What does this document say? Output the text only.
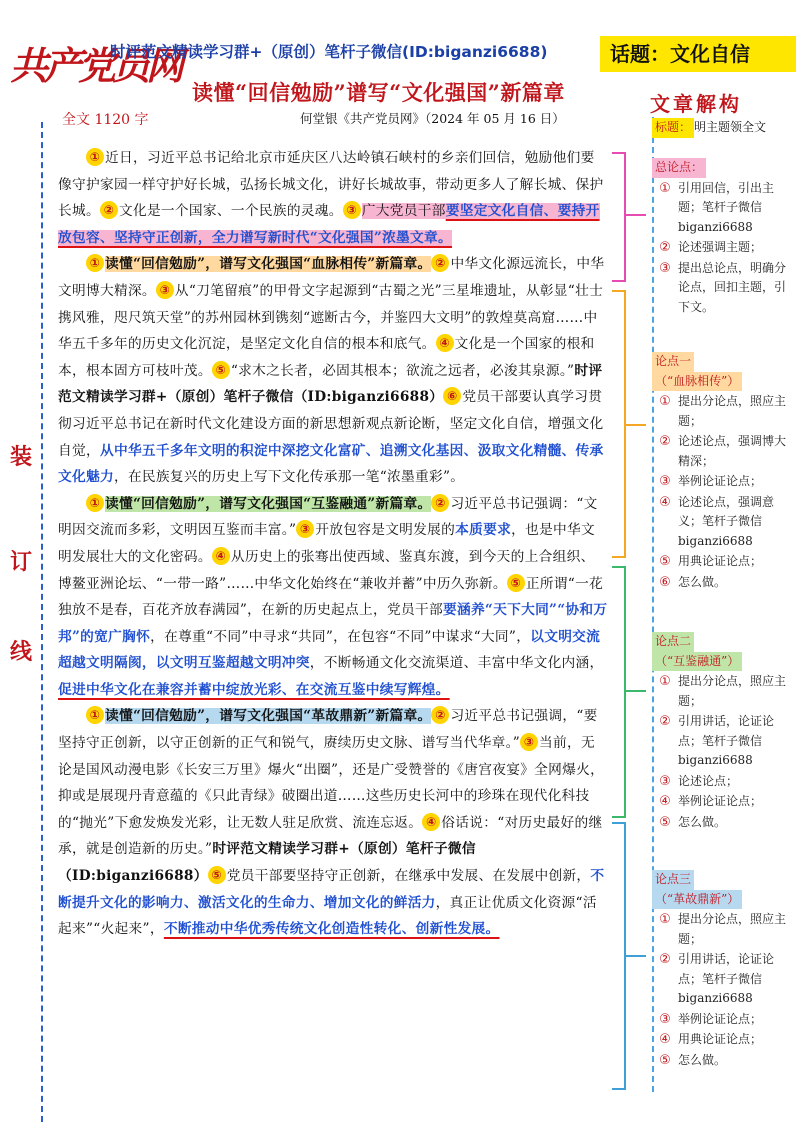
共产党员网
时评范文精读学习群+（原创）笔杆子微信(ID:biganzi6688)	话题：文化自信
读懂“回信勉励”谱写“文化强国”新篇章
全文 1120 字	何堂银《共产党员网》（2024 年 05 月 16 日）
装
订
线

① 近日，习近平总书记给北京市延庆区八达岭镇石峡村的乡亲们回信，勉励他们要像守护家园一样守护好长城，弘扬长城文化，讲好长城故事，带动更多人了解长城、保护长城。 ② 文化是一个国家、一个民族的灵魂。 ③ 广大党员干部要坚定文化自信、要持开放包容、坚持守正创新，全力谱写新时代“文化强国”浓墨文章。

① 读懂“回信勉励”，谱写文化强国“血脉相传”新篇章。 ② 中华文化源远流长，中华文明博大精深。 ③ 从“刀笔留痕”的甲骨文字起源到“古蜀之光”三星堆遗址，从彰显“壮士携风雅，咫尺筑天堂”的苏州园林到镌刻“遮断古今，并鉴四大文明”的敦煌莫高窟……中华五千多年的历史文化沉淀，是坚定文化自信的根本和底气。 ④ 文化是一个国家的根和本，根本固方可枝叶茂。 ⑤ “求木之长者，必固其根本；欲流之远者，必浚其泉源。”时评范文精读学习群+（原创）笔杆子微信（ID:biganzi6688） ⑥ 党员干部要认真学习贯彻习近平总书记在新时代文化建设方面的新思想新观点新论断，坚定文化自信，增强文化自觉，从中华五千多年文明的积淀中深挖文化富矿、追溯文化基因、汲取文化精髓、传承文化魅力，在民族复兴的历史上写下文化传承那一笔“浓墨重彩”。

① 读懂“回信勉励”，谱写文化强国“互鉴融通”新篇章。 ② 习近平总书记强调：“文明因交流而多彩，文明因互鉴而丰富。” ③ 开放包容是文明发展的本质要求，也是中华文明发展壮大的文化密码。 ④ 从历史上的张骞出使西域、鉴真东渡，到今天的上合组织、博鳌亚洲论坛、“一带一路”……中华文化始终在“兼收并蓄”中历久弥新。 ⑤ 正所谓“一花独放不是春，百花齐放春满园”，在新的历史起点上，党员干部要涵养“天下大同”“协和万邦”的宽广胸怀，在尊重“不同”中寻求“共同”，在包容“不同”中谋求“大同”，以文明交流超越文明隔阂，以文明互鉴超越文明冲突，不断畅通文化交流渠道、丰富中华文化内涵，促进中华文化在兼容并蓄中绽放光彩、在交流互鉴中续写辉煌。

① 读懂“回信勉励”，谱写文化强国“革故鼎新”新篇章。 ② 习近平总书记强调，“要坚持守正创新，以守正创新的正气和锐气，赓续历史文脉、谱写当代华章。” ③ 当前，无论是国风动漫电影《长安三万里》爆火“出圈”，还是广受赞誉的《唐宫夜宴》全网爆火，抑或是展现丹青意蕴的《只此青绿》破圈出道……这些历史长河中的珍珠在现代化科技的“抛光”下愈发焕发光彩，让无数人驻足欣赏、流连忘返。 ④ 俗话说：“对历史最好的继承，就是创造新的历史。”时评范文精读学习群+（原创）笔杆子微信（ID:biganzi6688） ⑤ 党员干部要坚持守正创新，在继承中发展、在发展中创新，不断提升文化的影响力、激活文化的生命力、增加文化的鲜活力，真正让优质文化资源“活起来”“火起来”，不断推动中华优秀传统文化创造性转化、创新性发展。

文章解构
标题： 明主题领全文
总论点：
① 引用回信，引出主题；笔杆子微信 biganzi6688
② 论述强调主题；
③ 提出总论点，明确分论点，回扣主题，引下文。
论点一
（“血脉相传”）
① 提出分论点，照应主题；
② 论述论点，强调博大精深；
③ 举例论证论点；
④ 论述论点，强调意义；笔杆子微信 biganzi6688
⑤ 用典论证论点；
⑥ 怎么做。
论点二
（“互鉴融通”）
① 提出分论点，照应主题；
② 引用讲话，论证论点；笔杆子微信 biganzi6688
③ 论述论点；
④ 举例论证论点；
⑤ 怎么做。
论点三
（“革故鼎新”）
① 提出分论点，照应主题；
② 引用讲话，论证论点；笔杆子微信 biganzi6688
③ 举例论证论点；
④ 用典论证论点；
⑤ 怎么做。
